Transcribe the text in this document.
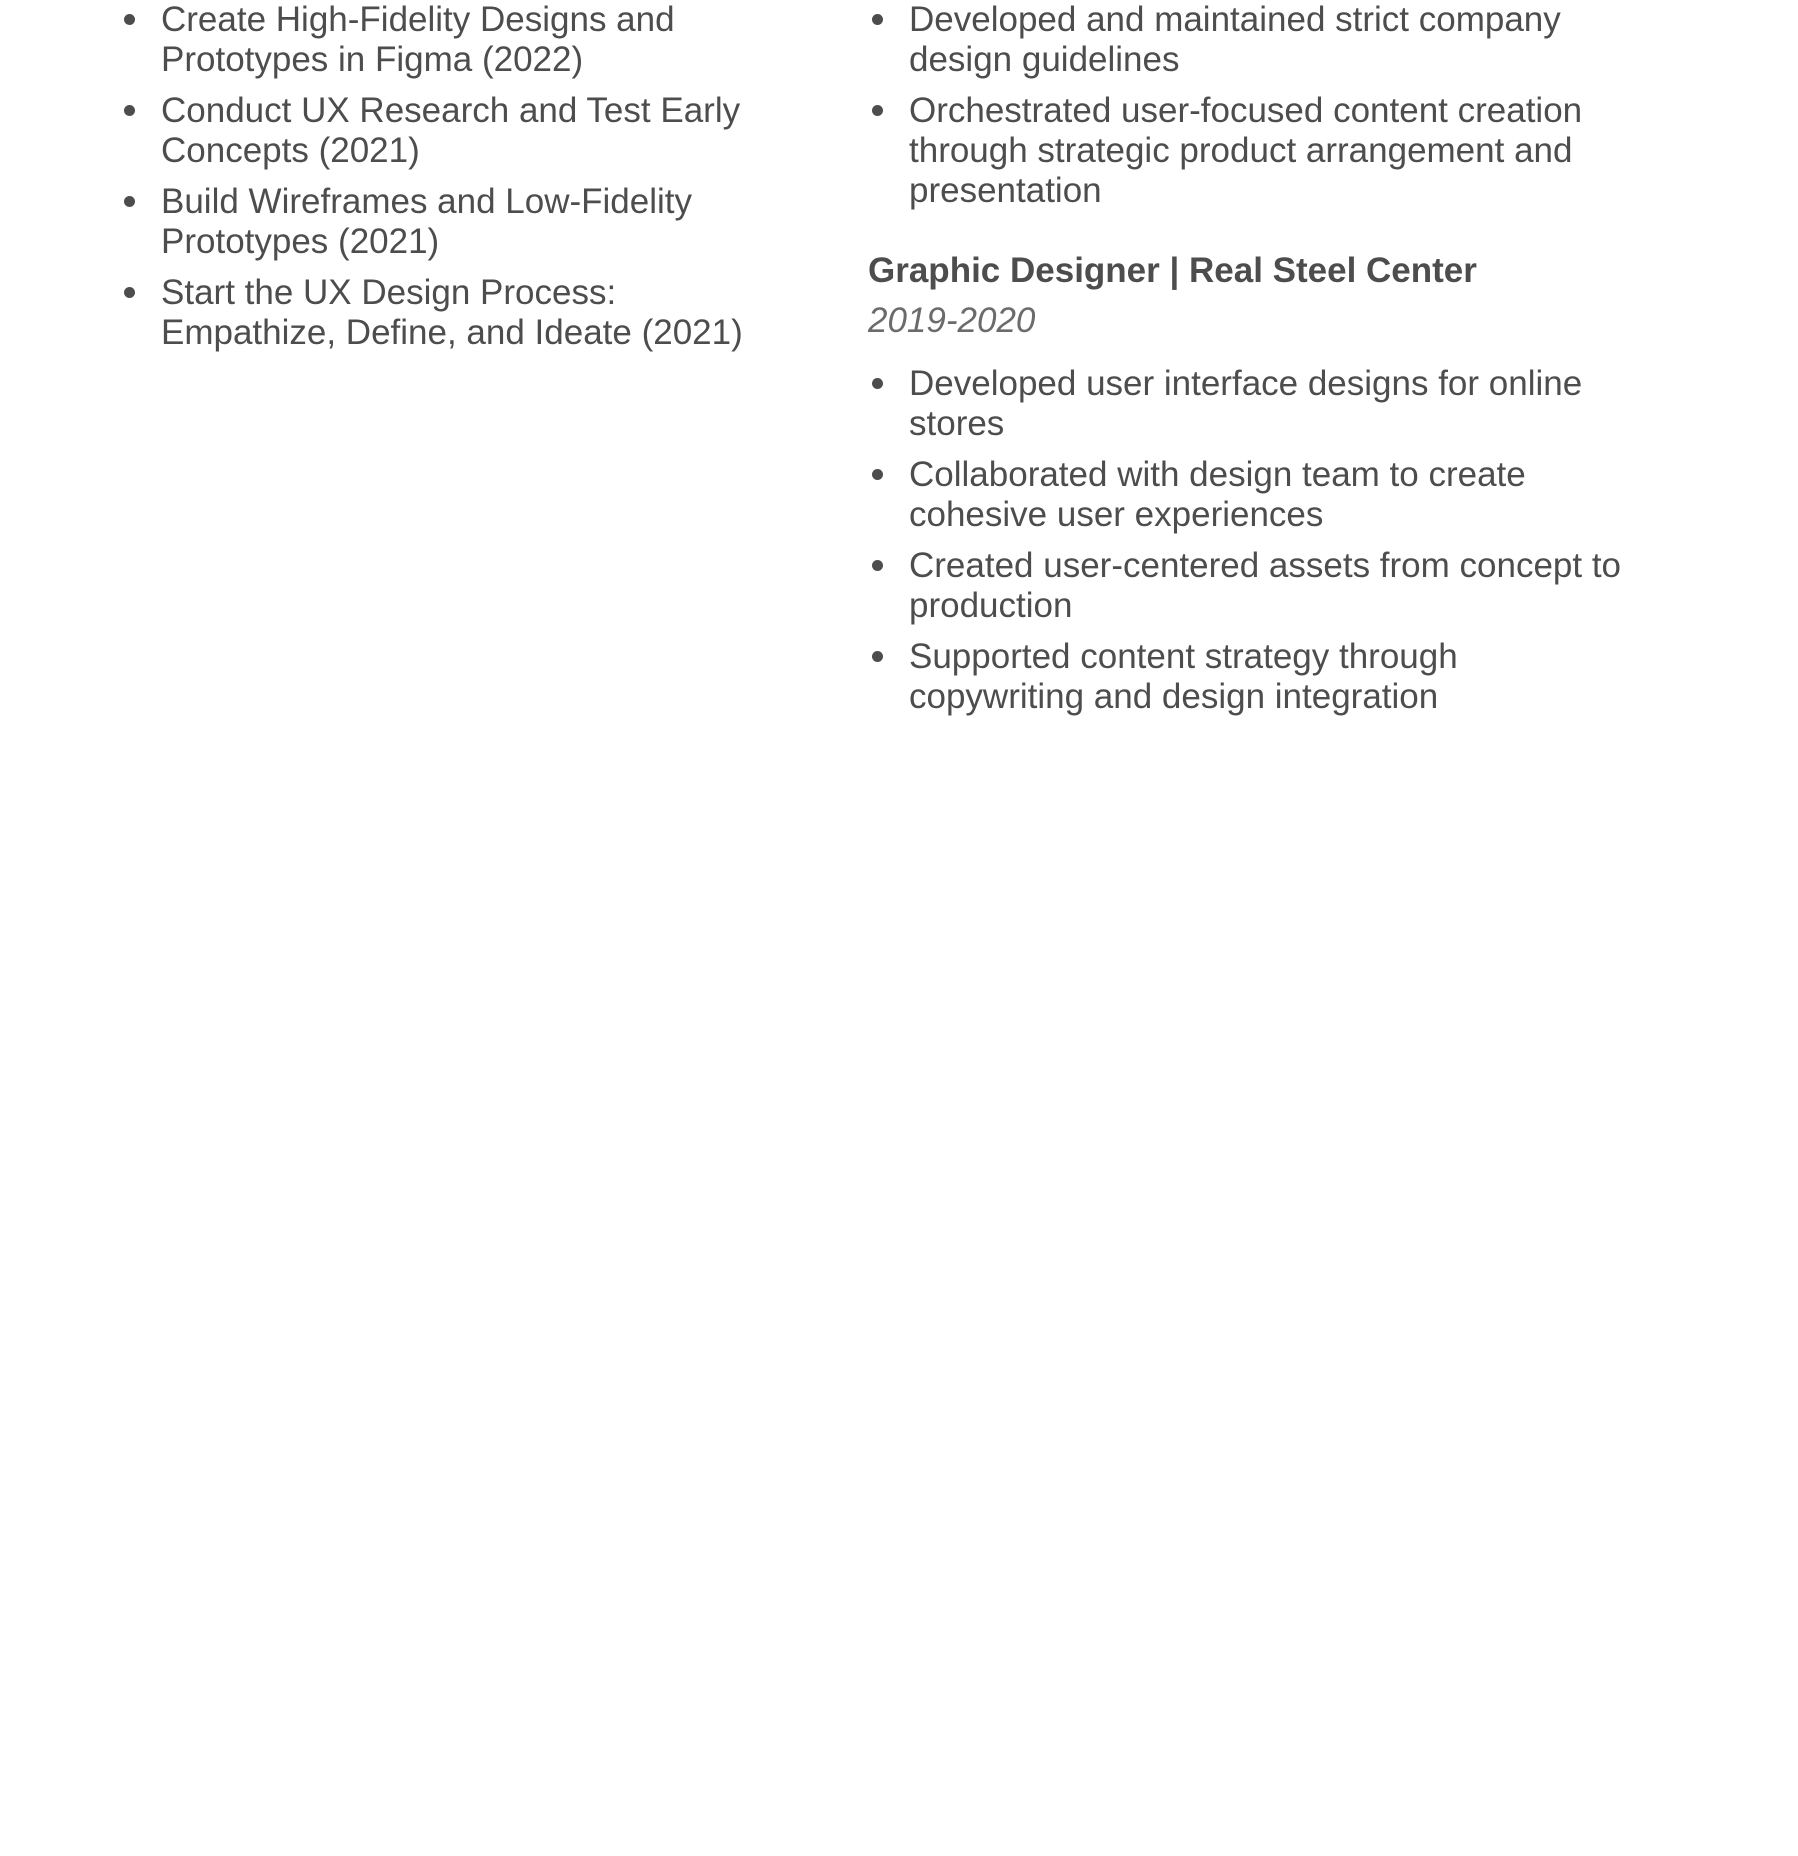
Create High-Fidelity Designs and
Prototypes in Figma (2022)
Conduct UX Research and Test Early
Concepts (2021)
Build Wireframes and Low-Fidelity
Prototypes (2021)
Start the UX Design Process:
Empathize, Define, and Ideate (2021)
Developed and maintained strict company
design guidelines
Orchestrated user-focused content creation
through strategic product arrangement and
presentation
Graphic Designer | Real Steel Center
2019-2020
Developed user interface designs for online
stores
Collaborated with design team to create
cohesive user experiences
Created user-centered assets from concept to
production
Supported content strategy through
copywriting and design integration
